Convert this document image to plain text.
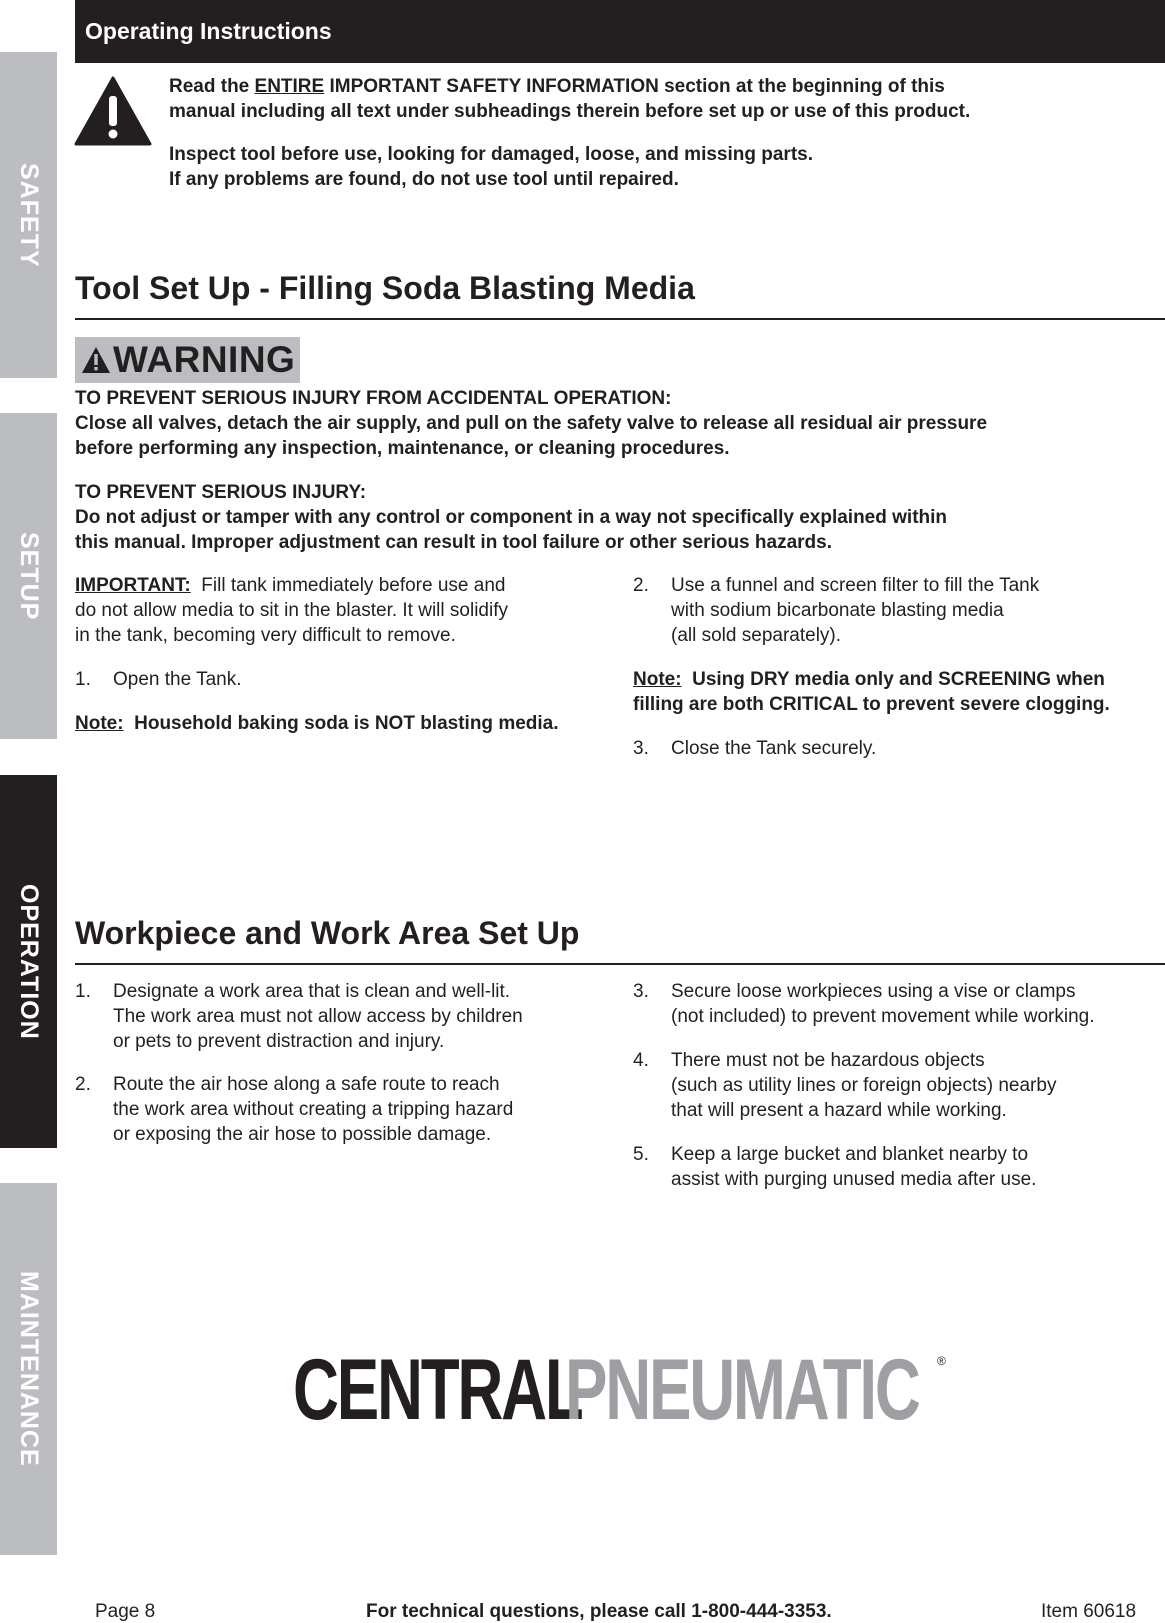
SAFETY
SETUP
OPERATION
MAINTENANCE
Operating Instructions

Read the ENTIRE IMPORTANT SAFETY INFORMATION section at the beginning of this

manual including all text under subheadings therein before set up or use of this product.

Inspect tool before use, looking for damaged, loose, and missing parts.

If any problems are found, do not use tool until repaired.

Tool Set Up - Filling Soda Blasting Media
WARNING

TO PREVENT SERIOUS INJURY FROM ACCIDENTAL OPERATION:

Close all valves, detach the air supply, and pull on the safety valve to release all residual air pressure

before performing any inspection, maintenance, or cleaning procedures.

TO PREVENT SERIOUS INJURY:

Do not adjust or tamper with any control or component in a way not specifically explained within

this manual. Improper adjustment can result in tool failure or other serious hazards.

IMPORTANT:  Fill tank immediately before use and

do not allow media to sit in the blaster. It will solidify

in the tank, becoming very difficult to remove.

1. Open the Tank.

Note:  Household baking soda is NOT blasting media.

2. Use a funnel and screen filter to fill the Tank
with sodium bicarbonate blasting media
(all sold separately).

Note:  Using DRY media only and SCREENING when

filling are both CRITICAL to prevent severe clogging.

3. Close the Tank securely.
Workpiece and Work Area Set Up
1. Designate a work area that is clean and well-lit.
The work area must not allow access by children
or pets to prevent distraction and injury.
2. Route the air hose along a safe route to reach
the work area without creating a tripping hazard
or exposing the air hose to possible damage.
3. Secure loose workpieces using a vise or clamps
(not included) to prevent movement while working.
4. There must not be hazardous objects
(such as utility lines or foreign objects) nearby
that will present a hazard while working.
5. Keep a large bucket and blanket nearby to
assist with purging unused media after use.
CENTRAL
PNEUMATIC ®
Page 8	For technical questions, please call 1-800-444-3353.	Item 60618
